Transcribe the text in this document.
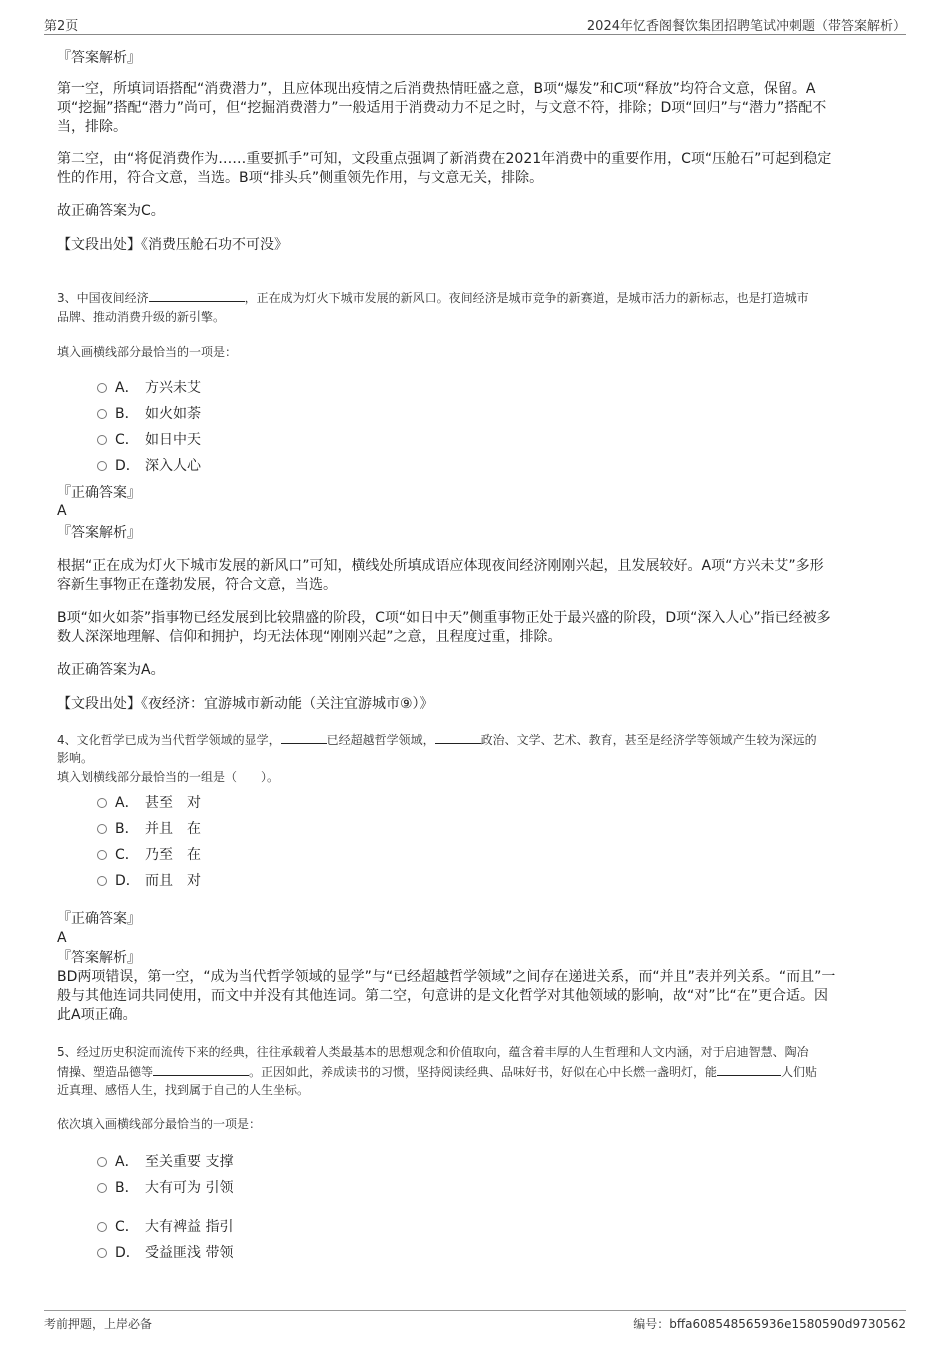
第2页	2024年忆香阁餐饮集团招聘笔试冲刺题（带答案解析）
『答案解析』
第一空，所填词语搭配“消费潜力”，且应体现出疫情之后消费热情旺盛之意，B项“爆发”和C项“释放”均符合文意，保留。A
项“挖掘”搭配“潜力”尚可，但“挖掘消费潜力”一般适用于消费动力不足之时，与文意不符，排除；D项“回归”与“潜力”搭配不
当，排除。
第二空，由“将促消费作为……重要抓手”可知，文段重点强调了新消费在2021年消费中的重要作用，C项“压舱石”可起到稳定
性的作用，符合文意，当选。B项“排头兵”侧重领先作用，与文意无关，排除。
故正确答案为C。
【文段出处】《消费压舱石功不可没》
3、中国夜间经济	，正在成为灯火下城市发展的新风口。夜间经济是城市竞争的新赛道，是城市活力的新标志，也是打造城市
品牌、推动消费升级的新引擎。
填入画横线部分最恰当的一项是：
A． 方兴未艾
B． 如火如荼
C． 如日中天
D． 深入人心
『正确答案』
A
『答案解析』
根据“正在成为灯火下城市发展的新风口”可知，横线处所填成语应体现夜间经济刚刚兴起，且发展较好。A项“方兴未艾”多形
容新生事物正在蓬勃发展，符合文意，当选。
B项“如火如荼”指事物已经发展到比较鼎盛的阶段，C项“如日中天”侧重事物正处于最兴盛的阶段，D项“深入人心”指已经被多
数人深深地理解、信仰和拥护，均无法体现“刚刚兴起”之意，且程度过重，排除。
故正确答案为A。
【文段出处】《夜经济：宜游城市新动能（关注宜游城市⑨）》
4、文化哲学已成为当代哲学领域的显学，	已经超越哲学领域，	政治、文学、艺术、教育，甚至是经济学等领域产生较为深远的
影响。
填入划横线部分最恰当的一组是（　　）。
A． 甚至　对
B． 并且　在
C． 乃至　在
D． 而且　对
『正确答案』
A
『答案解析』
BD两项错误，第一空，“成为当代哲学领域的显学”与“已经超越哲学领域”之间存在递进关系，而“并且”表并列关系。“而且”一
般与其他连词共同使用，而文中并没有其他连词。第二空，句意讲的是文化哲学对其他领域的影响，故“对”比“在”更合适。因
此A项正确。
5、经过历史积淀而流传下来的经典，往往承载着人类最基本的思想观念和价值取向，蕴含着丰厚的人生哲理和人文内涵，对于启迪智慧、陶冶
情操、塑造品德等	。正因如此，养成读书的习惯，坚持阅读经典、品味好书，好似在心中长燃一盏明灯，能	人们贴
近真理、感悟人生，找到属于自己的人生坐标。
依次填入画横线部分最恰当的一项是：
A． 至关重要 支撑
B． 大有可为 引领
C． 大有裨益 指引
D． 受益匪浅 带领
考前押题，上岸必备	编号：bffa608548565936e1580590d9730562
